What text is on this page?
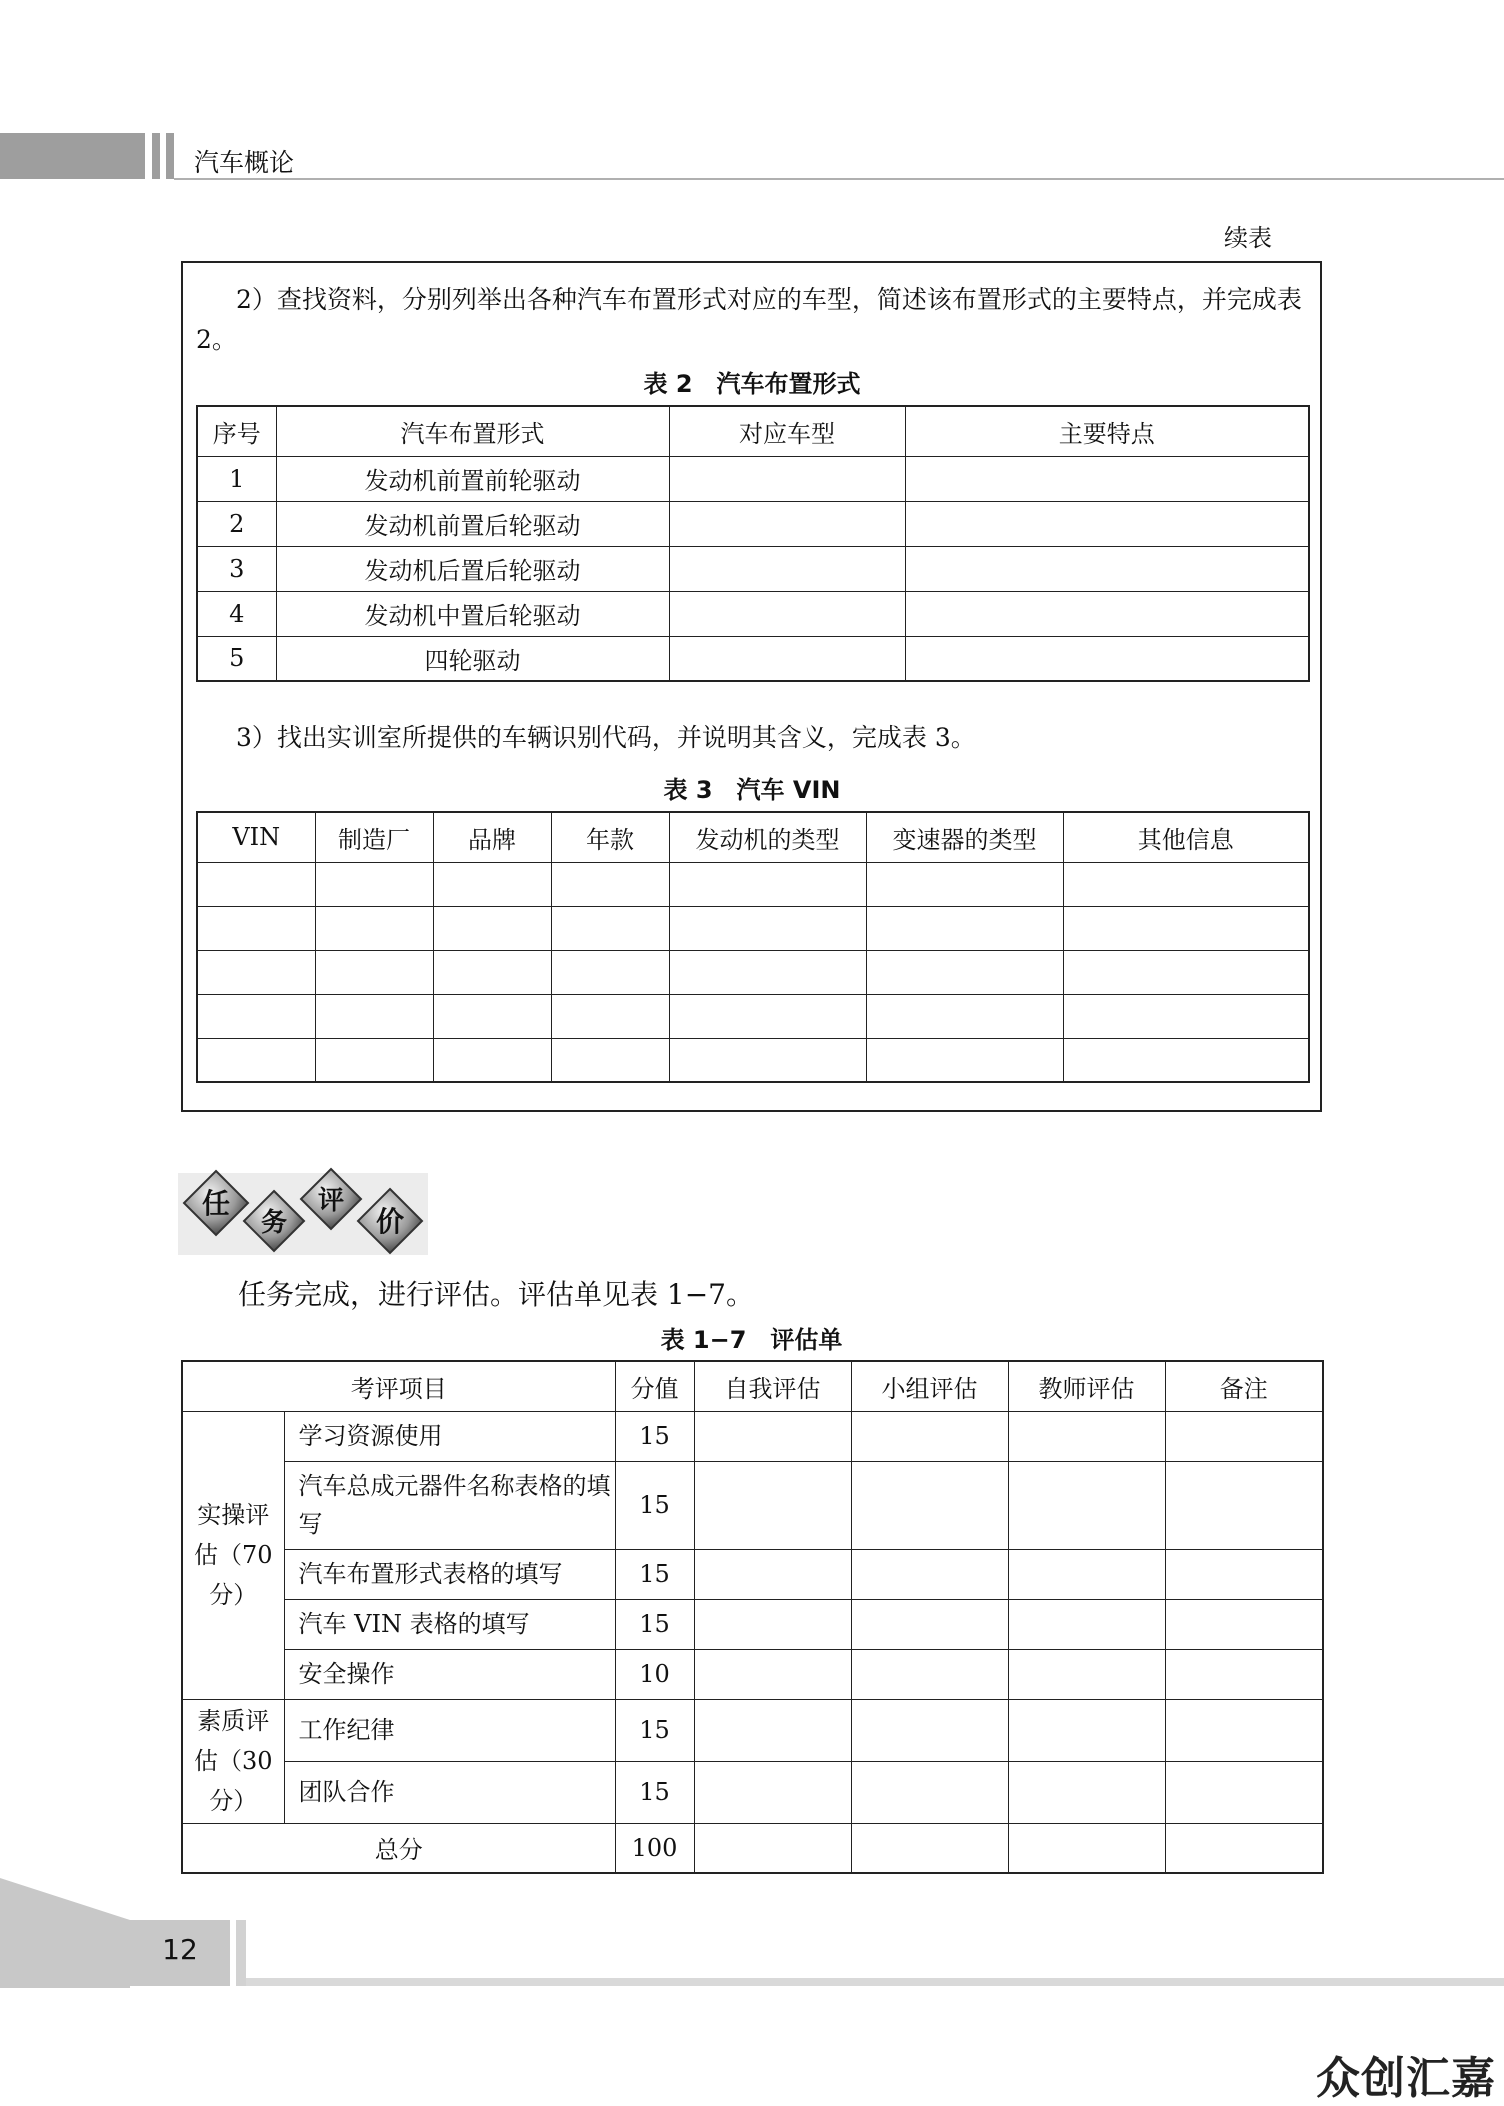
汽车概论
续表
2）查找资料，分别列举出各种汽车布置形式对应的车型，简述该布置形式的主要特点，并完成表 2。
表 2　汽车布置形式
序号	汽车布置形式	对应车型	主要特点
1	发动机前置前轮驱动		
2	发动机前置后轮驱动		
3	发动机后置后轮驱动		
4	发动机中置后轮驱动		
5	四轮驱动		
3）找出实训室所提供的车辆识别代码，并说明其含义，完成表 3。
表 3　汽车 VIN
VIN	制造厂	品牌	年款	发动机的类型	变速器的类型	其他信息

任
务
评
价
任务完成，进行评估。评估单见表 1−7。
表 1−7　评估单
考评项目		分值	自我评估	小组评估	教师评估	备注
实操评估（70 分）	学习资源使用	15				
	汽车总成元器件名称表格的填写	15				
	汽车布置形式表格的填写	15				
	汽车 VIN 表格的填写	15				
	安全操作	10				
素质评估（30 分）	工作纪律	15				
	团队合作	15				
总分		100				
12
众创汇嘉
